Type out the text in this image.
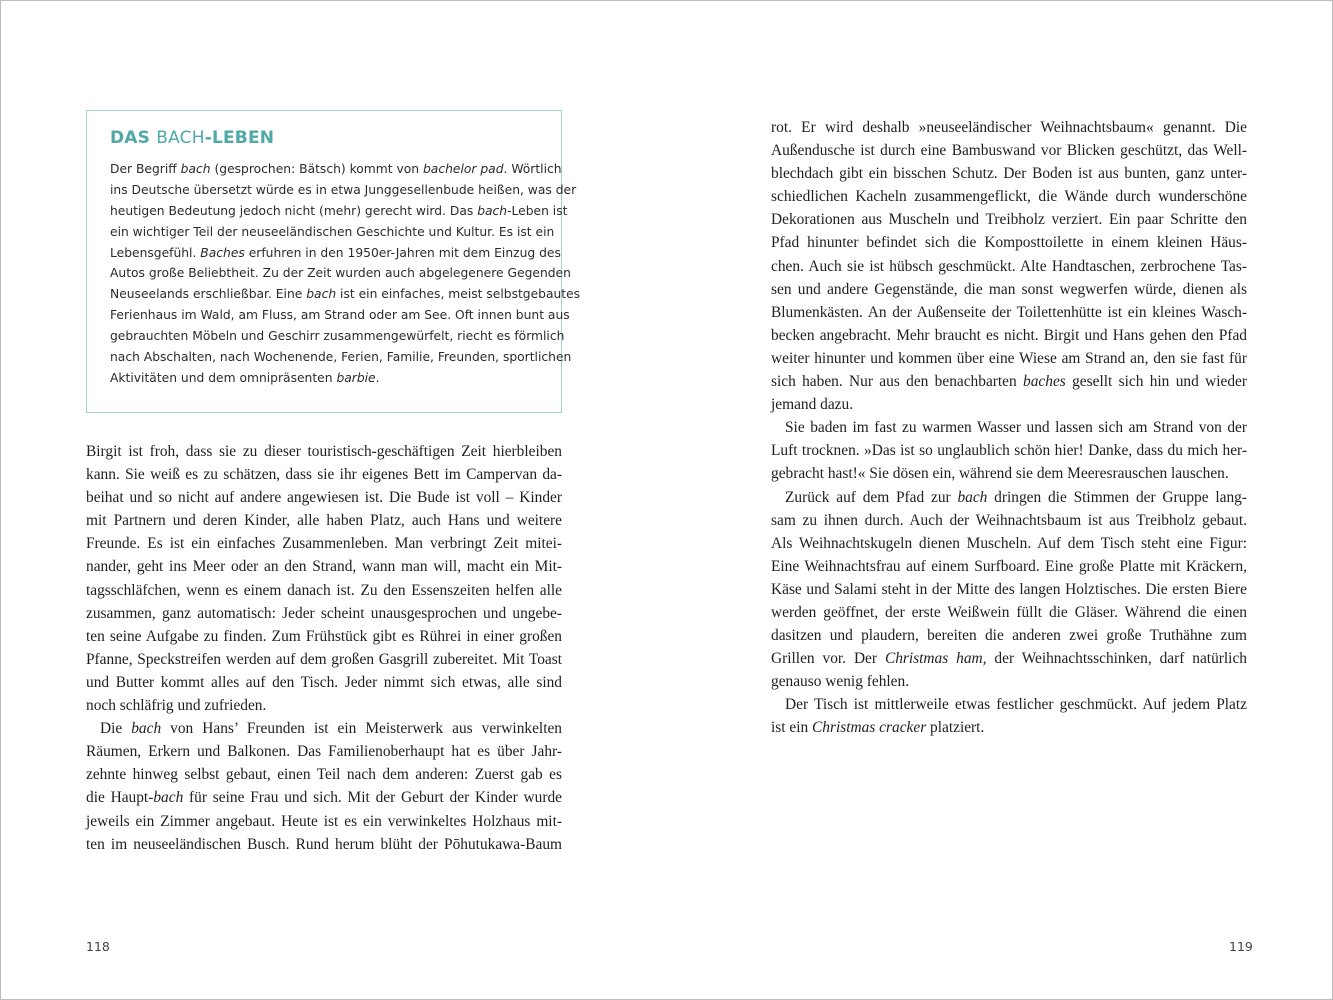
DAS BACH-LEBEN

Der Begriff bach (gesprochen: Bätsch) kommt von bachelor pad. Wörtlich
ins Deutsche übersetzt würde es in etwa Junggesellenbude heißen, was der
heutigen Bedeutung jedoch nicht (mehr) gerecht wird. Das bach-Leben ist
ein wichtiger Teil der neuseeländischen Geschichte und Kultur. Es ist ein
Lebensgefühl. Baches erfuhren in den 1950er-Jahren mit dem Einzug des
Autos große Beliebtheit. Zu der Zeit wurden auch abgelegenere Gegenden
Neuseelands erschließbar. Eine bach ist ein einfaches, meist selbstgebautes
Ferienhaus im Wald, am Fluss, am Strand oder am See. Oft innen bunt aus
gebrauchten Möbeln und Geschirr zusammengewürfelt, riecht es förmlich
nach Abschalten, nach Wochenende, Ferien, Familie, Freunden, sportlichen
Aktivitäten und dem omnipräsenten barbie.

Birgit ist froh, dass sie zu dieser touristisch-geschäftigen Zeit hierbleiben
kann. Sie weiß es zu schätzen, dass sie ihr eigenes Bett im Campervan da-
beihat und so nicht auf andere angewiesen ist. Die Bude ist voll – Kinder
mit Partnern und deren Kinder, alle haben Platz, auch Hans und weitere
Freunde. Es ist ein einfaches Zusammenleben. Man verbringt Zeit mitei-
nander, geht ins Meer oder an den Strand, wann man will, macht ein Mit-
tagsschläfchen, wenn es einem danach ist. Zu den Essenszeiten helfen alle
zusammen, ganz automatisch: Jeder scheint unausgesprochen und ungebe-
ten seine Aufgabe zu finden. Zum Frühstück gibt es Rührei in einer großen
Pfanne, Speckstreifen werden auf dem großen Gasgrill zubereitet. Mit Toast
und Butter kommt alles auf den Tisch. Jeder nimmt sich etwas, alle sind
noch schläfrig und zufrieden.
Die bach von Hans’ Freunden ist ein Meisterwerk aus verwinkelten
Räumen, Erkern und Balkonen. Das Familienoberhaupt hat es über Jahr-
zehnte hinweg selbst gebaut, einen Teil nach dem anderen: Zuerst gab es
die Haupt-bach für seine Frau und sich. Mit der Geburt der Kinder wurde
jeweils ein Zimmer angebaut. Heute ist es ein verwinkeltes Holzhaus mit-
ten im neuseeländischen Busch. Rund herum blüht der Pōhutukawa-Baum

rot. Er wird deshalb »neuseeländischer Weihnachtsbaum« genannt. Die
Außendusche ist durch eine Bambuswand vor Blicken geschützt, das Well-
blechdach gibt ein bisschen Schutz. Der Boden ist aus bunten, ganz unter-
schiedlichen Kacheln zusammengeflickt, die Wände durch wunderschöne
Dekorationen aus Muscheln und Treibholz verziert. Ein paar Schritte den
Pfad hinunter befindet sich die Komposttoilette in einem kleinen Häus-
chen. Auch sie ist hübsch geschmückt. Alte Handtaschen, zerbrochene Tas-
sen und andere Gegenstände, die man sonst wegwerfen würde, dienen als
Blumenkästen. An der Außenseite der Toilettenhütte ist ein kleines Wasch-
becken angebracht. Mehr braucht es nicht. Birgit und Hans gehen den Pfad
weiter hinunter und kommen über eine Wiese am Strand an, den sie fast für
sich haben. Nur aus den benachbarten baches gesellt sich hin und wieder
jemand dazu.
Sie baden im fast zu warmen Wasser und lassen sich am Strand von der
Luft trocknen. »Das ist so unglaublich schön hier! Danke, dass du mich her-
gebracht hast!« Sie dösen ein, während sie dem Meeresrauschen lauschen.
Zurück auf dem Pfad zur bach dringen die Stimmen der Gruppe lang-
sam zu ihnen durch. Auch der Weihnachtsbaum ist aus Treibholz gebaut.
Als Weihnachtskugeln dienen Muscheln. Auf dem Tisch steht eine Figur:
Eine Weihnachtsfrau auf einem Surfboard. Eine große Platte mit Kräckern,
Käse und Salami steht in der Mitte des langen Holztisches. Die ersten Biere
werden geöffnet, der erste Weißwein füllt die Gläser. Während die einen
dasitzen und plaudern, bereiten die anderen zwei große Truthähne zum
Grillen vor. Der Christmas ham, der Weihnachtsschinken, darf natürlich
genauso wenig fehlen.
Der Tisch ist mittlerweile etwas festlicher geschmückt. Auf jedem Platz
ist ein Christmas cracker platziert.

118	119
